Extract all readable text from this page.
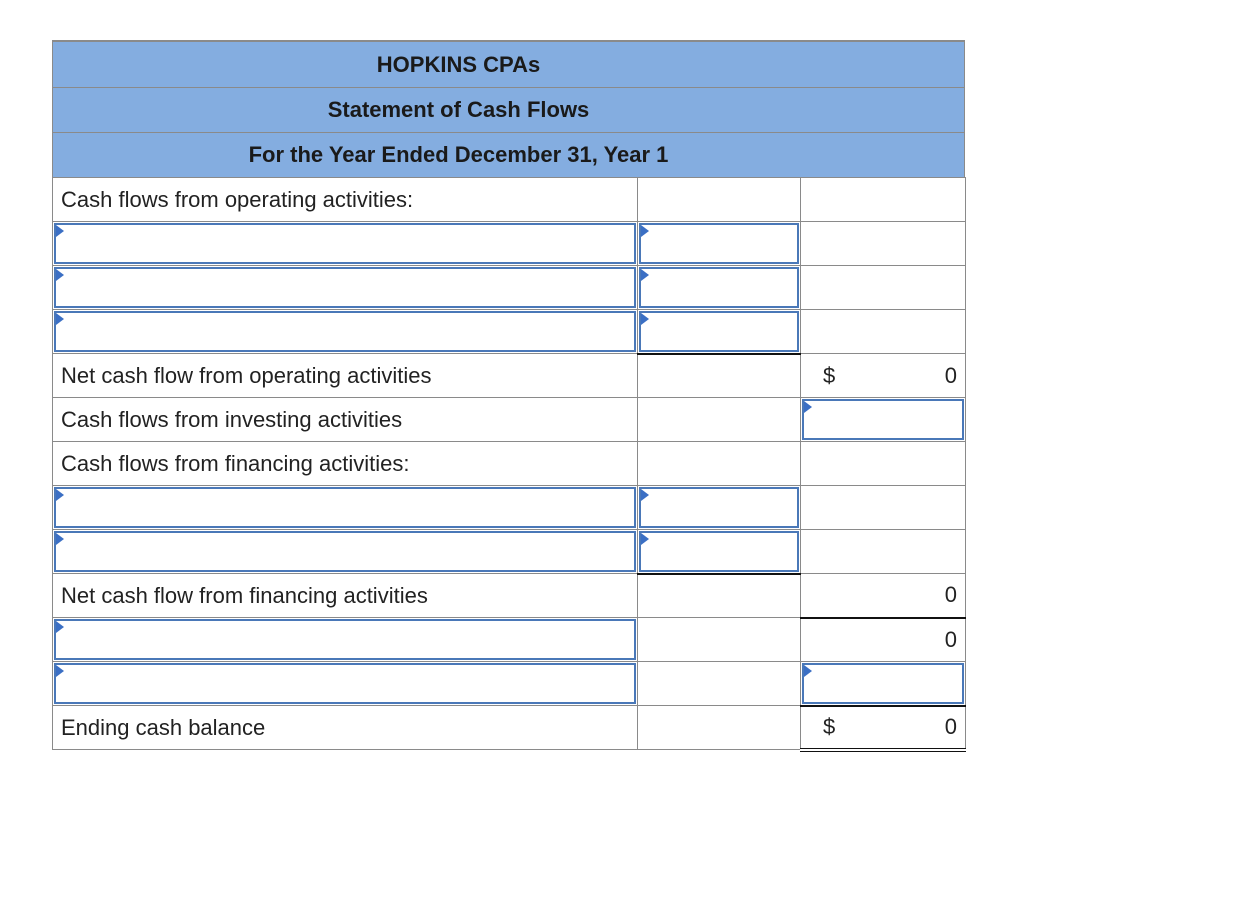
HOPKINS CPAs
Statement of Cash Flows
For the Year Ended December 31, Year 1
Cash flows from operating activities:		

Net cash flow from operating activities		$ 0

Cash flows from investing activities		

Cash flows from financing activities:		

Net cash flow from financing activities		0

		0

Ending cash balance		$ 0
